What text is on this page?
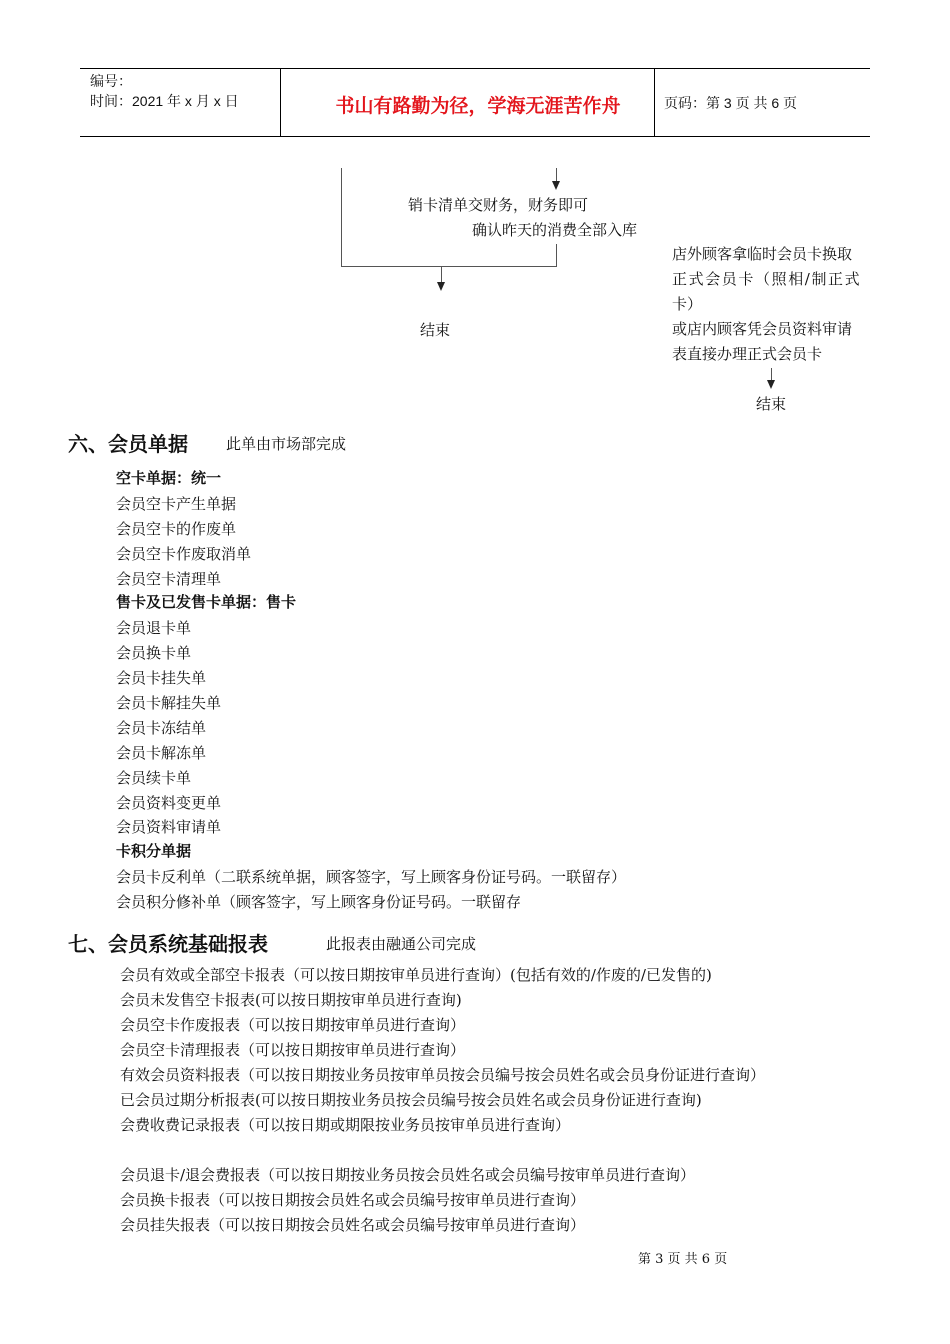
编号：
时间：2021 年 x 月 x 日	书山有路勤为径，学海无涯苦作舟	页码：第 3 页 共 6 页
销卡清单交财务，财务即可
确认昨天的消费全部入库
结束
店外顾客拿临时会员卡换取
正式会员卡（照相/制正式
卡）
或店内顾客凭会员资料审请
表直接办理正式会员卡
结束
六、会员单据	此单由市场部完成
空卡单据：统一
会员空卡产生单据
会员空卡的作废单
会员空卡作废取消单
会员空卡清理单
售卡及已发售卡单据：售卡
会员退卡单
会员换卡单
会员卡挂失单
会员卡解挂失单
会员卡冻结单
会员卡解冻单
会员续卡单
会员资料变更单
会员资料审请单
卡积分单据
会员卡反利单（二联系统单据，顾客签字，写上顾客身份证号码。一联留存）
会员积分修补单（顾客签字，写上顾客身份证号码。一联留存
七、会员系统基础报表	此报表由融通公司完成
会员有效或全部空卡报表（可以按日期按审单员进行查询）(包括有效的/作废的/已发售的)
会员未发售空卡报表(可以按日期按审单员进行查询)
会员空卡作废报表（可以按日期按审单员进行查询）
会员空卡清理报表（可以按日期按审单员进行查询）
有效会员资料报表（可以按日期按业务员按审单员按会员编号按会员姓名或会员身份证进行查询）
已会员过期分析报表(可以按日期按业务员按会员编号按会员姓名或会员身份证进行查询)
会费收费记录报表（可以按日期或期限按业务员按审单员进行查询）
会员退卡/退会费报表（可以按日期按业务员按会员姓名或会员编号按审单员进行查询）
会员换卡报表（可以按日期按会员姓名或会员编号按审单员进行查询）
会员挂失报表（可以按日期按会员姓名或会员编号按审单员进行查询）
第 3 页 共 6 页
